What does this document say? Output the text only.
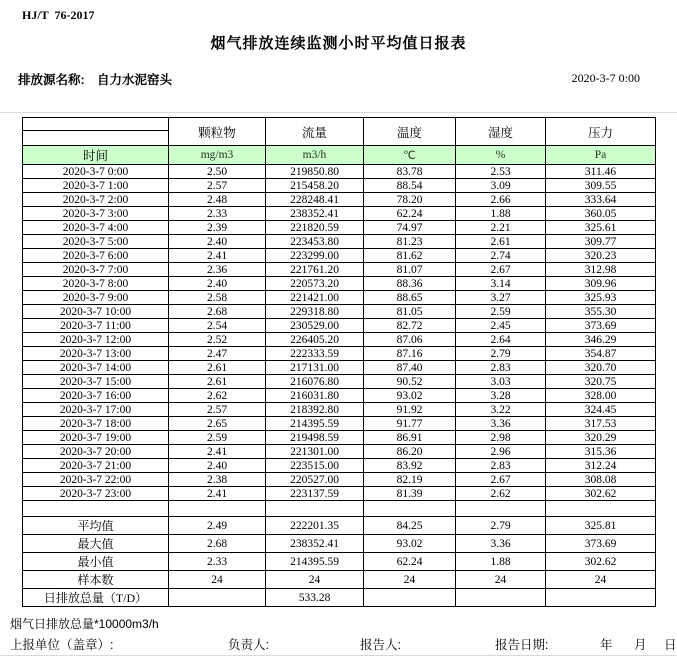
HJ/T  76-2017
烟气排放连续监测小时平均值日报表
排放源名称: 自力水泥窑头	2020-3-7 0:00
	颗粒物	流量	温度	湿度	压力

时间	mg/m3	m3/h	℃	%	Pa
2020-3-7 0:00	2.50	219850.80	83.78	2.53	311.46
2020-3-7 1:00	2.57	215458.20	88.54	3.09	309.55
2020-3-7 2:00	2.48	228248.41	78.20	2.66	333.64
2020-3-7 3:00	2.33	238352.41	62.24	1.88	360.05
2020-3-7 4:00	2.39	221820.59	74.97	2.21	325.61
2020-3-7 5:00	2.40	223453.80	81.23	2.61	309.77
2020-3-7 6:00	2.41	223299.00	81.62	2.74	320.23
2020-3-7 7:00	2.36	221761.20	81.07	2.67	312.98
2020-3-7 8:00	2.40	220573.20	88.36	3.14	309.96
2020-3-7 9:00	2.58	221421.00	88.65	3.27	325.93
2020-3-7 10:00	2.68	229318.80	81.05	2.59	355.30
2020-3-7 11:00	2.54	230529.00	82.72	2.45	373.69
2020-3-7 12:00	2.52	226405.20	87.06	2.64	346.29
2020-3-7 13:00	2.47	222333.59	87.16	2.79	354.87
2020-3-7 14:00	2.61	217131.00	87.40	2.83	320.70
2020-3-7 15:00	2.61	216076.80	90.52	3.03	320.75
2020-3-7 16:00	2.62	216031.80	93.02	3.28	328.00
2020-3-7 17:00	2.57	218392.80	91.92	3.22	324.45
2020-3-7 18:00	2.65	214395.59	91.77	3.36	317.53
2020-3-7 19:00	2.59	219498.59	86.91	2.98	320.29
2020-3-7 20:00	2.41	221301.00	86.20	2.96	315.36
2020-3-7 21:00	2.40	223515.00	83.92	2.83	312.24
2020-3-7 22:00	2.38	220527.00	82.19	2.67	308.08
2020-3-7 23:00	2.41	223137.59	81.39	2.62	302.62

平均值	2.49	222201.35	84.25	2.79	325.81
最大值	2.68	238352.41	93.02	3.36	373.69
最小值	2.33	214395.59	62.24	1.88	302.62
样本数	24	24	24	24	24
日排放总量（T/D）		533.28			
烟气日排放总量*10000m3/h
上报单位（盖章）:	负责人:	报告人:	报告日期:	年 月 日
